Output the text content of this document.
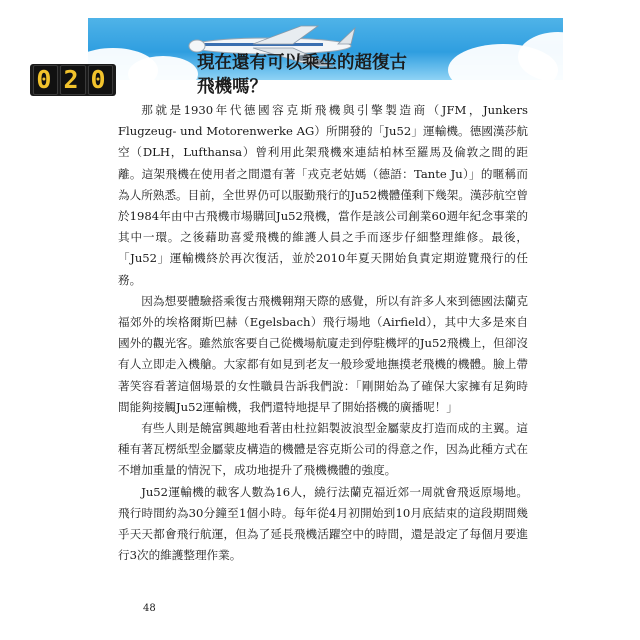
0 2 0
現在還有可以乘坐的超復古
飛機嗎？

那就是1930年代德國容克斯飛機與引擎製造商（JFM，Junkers Flugzeug- und Motorenwerke AG）所開發的「Ju52」運輸機。德國漢莎航空（DLH，Lufthansa）曾利用此架飛機來連結柏林至羅馬及倫敦之間的距離。這架飛機在使用者之間還有著「戎克老姑媽（德語：Tante Ju）」的暱稱而為人所熟悉。目前，全世界仍可以服勤飛行的Ju52機體僅剩下幾架。漢莎航空曾於1984年由中古飛機市場購回Ju52飛機，當作是該公司創業60週年紀念事業的其中一環。之後藉助喜愛飛機的維護人員之手而逐步仔細整理維修。最後，「Ju52」運輸機終於再次復活，並於2010年夏天開始負責定期遊覽飛行的任務。

因為想要體驗搭乘復古飛機翱翔天際的感覺，所以有許多人來到德國法蘭克福郊外的埃格爾斯巴赫（Egelsbach）飛行場地（Airfield），其中大多是來自國外的觀光客。雖然旅客要自己從機場航廈走到停駐機坪的Ju52飛機上，但卻沒有人立即走入機艙。大家都有如見到老友一般珍愛地撫摸老飛機的機體。臉上帶著笑容看著這個場景的女性職員告訴我們說：「剛開始為了確保大家擁有足夠時間能夠接觸Ju52運輸機，我們還特地提早了開始搭機的廣播呢！」

有些人則是饒富興趣地看著由杜拉鋁製波浪型金屬蒙皮打造而成的主翼。這種有著瓦楞紙型金屬蒙皮構造的機體是容克斯公司的得意之作，因為此種方式在不增加重量的情況下，成功地提升了飛機機體的強度。

Ju52運輸機的載客人數為16人，繞行法蘭克福近郊一周就會飛返原場地。飛行時間約為30分鐘至1個小時。每年從4月初開始到10月底結束的這段期間幾乎天天都會飛行航運，但為了延長飛機活躍空中的時間，還是設定了每個月要進行3次的維護整理作業。

48
